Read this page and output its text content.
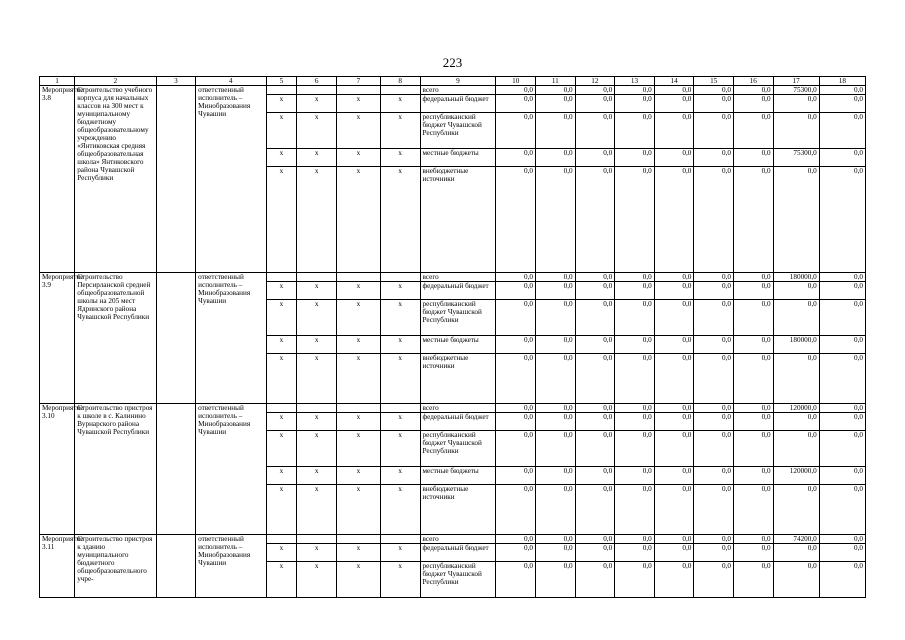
223
1	2	3	4	5	6	7	8	9	10	11	12	13	14	15	16	17	18
Мероприятие 3.8	Строительство учебного корпуса для начальных классов на 300 мест к муниципальному бюджетному общеобразовательному учреждению «Янтиковская средняя общеобразовательная школа» Янтиковского района Чувашской Республики		ответственный исполнитель – Минобразования Чувашии					всего	0,0	0,0	0,0	0,0	0,0	0,0	0,0	75300,0	0,0
				x	x	x	x	федеральный бюджет	0,0	0,0	0,0	0,0	0,0	0,0	0,0	0,0	0,0
				x	x	x	x	республиканский бюджет Чувашской Республики	0,0	0,0	0,0	0,0	0,0	0,0	0,0	0,0	0,0
				x	x	x	x	местные бюджеты	0,0	0,0	0,0	0,0	0,0	0,0	0,0	75300,0	0,0
				x	x	x	x	внебюджетные источники	0,0	0,0	0,0	0,0	0,0	0,0	0,0	0,0	0,0
Мероприятие 3.9	Строительство Персирланской средней общеобразовательной школы на 205 мест Ядринского района Чувашской Республики		ответственный исполнитель – Минобразования Чувашии					всего	0,0	0,0	0,0	0,0	0,0	0,0	0,0	180000,0	0,0
				x	x	x	x	федеральный бюджет	0,0	0,0	0,0	0,0	0,0	0,0	0,0	0,0	0,0
				x	x	x	x	республиканский бюджет Чувашской Республики	0,0	0,0	0,0	0,0	0,0	0,0	0,0	0,0	0,0
				x	x	x	x	местные бюджеты	0,0	0,0	0,0	0,0	0,0	0,0	0,0	180000,0	0,0
				x	x	x	x	внебюджетные источники	0,0	0,0	0,0	0,0	0,0	0,0	0,0	0,0	0,0
Мероприятие 3.10	Строительство пристроя к школе в с. Калинино Вурнарского района Чувашской Республики		ответственный исполнитель – Минобразования Чувашии					всего	0,0	0,0	0,0	0,0	0,0	0,0	0,0	120000,0	0,0
				x	x	x	x	федеральный бюджет	0,0	0,0	0,0	0,0	0,0	0,0	0,0	0,0	0,0
				x	x	x	x	республиканский бюджет Чувашской Республики	0,0	0,0	0,0	0,0	0,0	0,0	0,0	0,0	0,0
				x	x	x	x	местные бюджеты	0,0	0,0	0,0	0,0	0,0	0,0	0,0	120000,0	0,0
				x	x	x	x	внебюджетные источники	0,0	0,0	0,0	0,0	0,0	0,0	0,0	0,0	0,0
Мероприятие 3.11	Строительство пристроя к зданию муниципального бюджетного общеобразовательного учре-		ответственный исполнитель – Минобразования Чувашии					всего	0,0	0,0	0,0	0,0	0,0	0,0	0,0	74200,0	0,0
				x	x	x	x	федеральный бюджет	0,0	0,0	0,0	0,0	0,0	0,0	0,0	0,0	0,0
				x	x	x	x	республиканский бюджет Чувашской Республики	0,0	0,0	0,0	0,0	0,0	0,0	0,0	0,0	0,0
